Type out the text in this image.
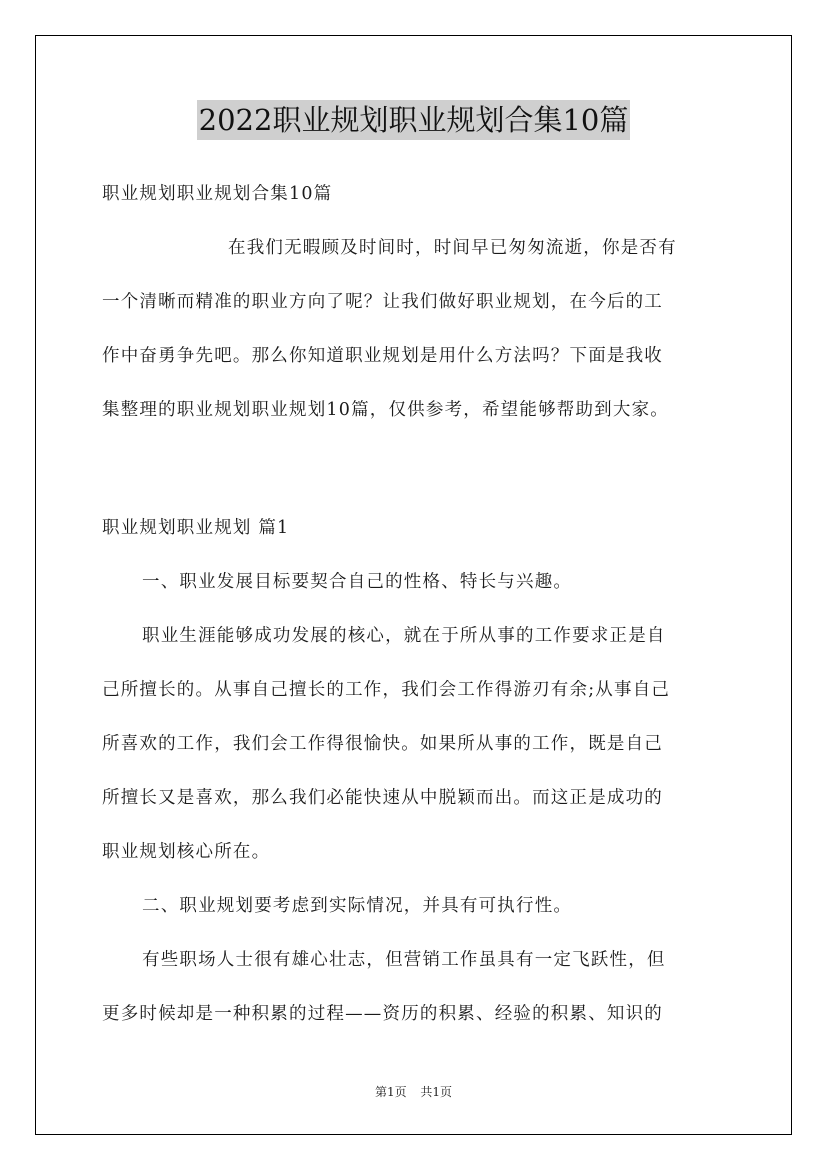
2022职业规划职业规划合集10篇
职业规划职业规划合集10篇
在我们无暇顾及时间时，时间早已匆匆流逝，你是否有
一个清晰而精准的职业方向了呢？让我们做好职业规划，在今后的工
作中奋勇争先吧。那么你知道职业规划是用什么方法吗？下面是我收
集整理的职业规划职业规划10篇，仅供参考，希望能够帮助到大家。
职业规划职业规划 篇1
一、职业发展目标要契合自己的性格、特长与兴趣。
职业生涯能够成功发展的核心，就在于所从事的工作要求正是自
己所擅长的。从事自己擅长的工作，我们会工作得游刃有余;从事自己
所喜欢的工作，我们会工作得很愉快。如果所从事的工作，既是自己
所擅长又是喜欢，那么我们必能快速从中脱颖而出。而这正是成功的
职业规划核心所在。
二、职业规划要考虑到实际情况，并具有可执行性。
有些职场人士很有雄心壮志，但营销工作虽具有一定飞跃性，但
更多时候却是一种积累的过程——资历的积累、经验的积累、知识的
第1页 共1页
